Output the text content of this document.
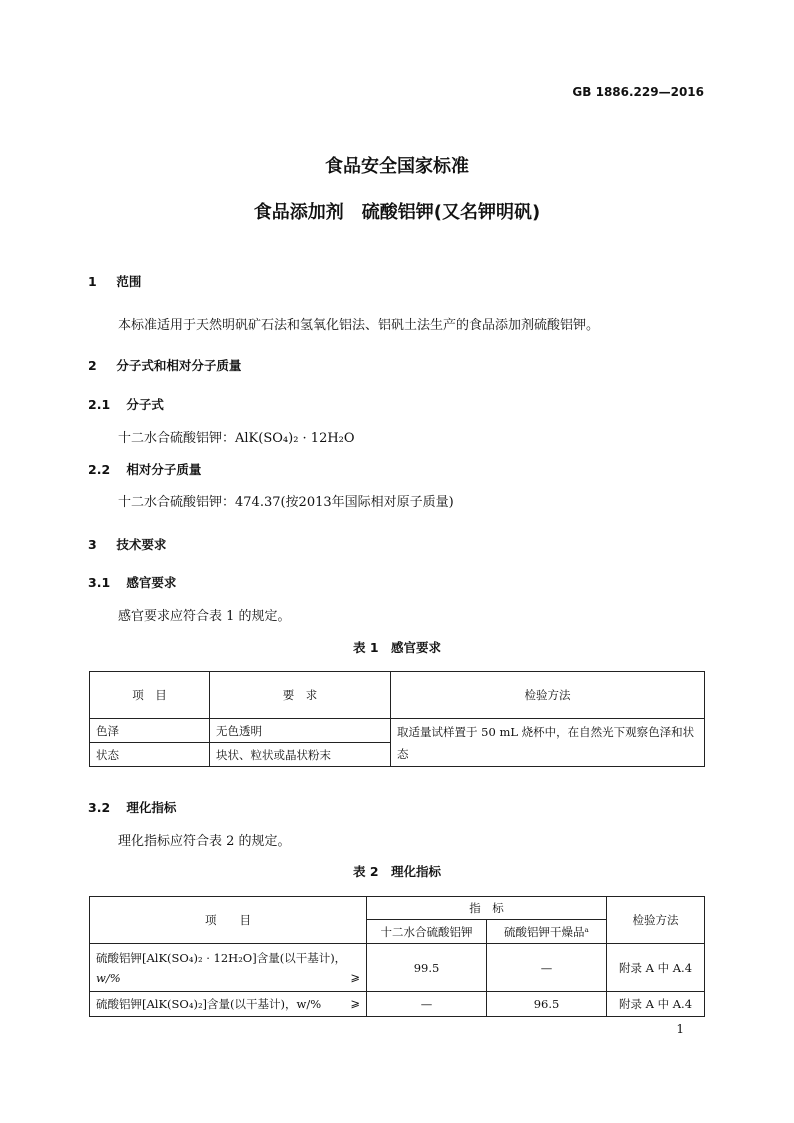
GB 1886.229—2016
食品安全国家标准
食品添加剂　硫酸铝钾(又名钾明矾)
1 范围
本标准适用于天然明矾矿石法和氢氧化铝法、铝矾土法生产的食品添加剂硫酸铝钾。
2 分子式和相对分子质量
2.1 分子式
十二水合硫酸铝钾：AlK(SO₄)₂ · 12H₂O
2.2 相对分子质量
十二水合硫酸铝钾：474.37(按2013年国际相对原子质量)
3 技术要求
3.1 感官要求
感官要求应符合表 1 的规定。
表 1　感官要求
项　目	要　求	检验方法
色泽	无色透明	取适量试样置于 50 mL 烧杯中，在自然光下观察色泽和状态
状态	块状、粒状或晶状粉末	
3.2 理化指标
理化指标应符合表 2 的规定。
表 2　理化指标
项　　目	指　标		检验方法
	十二水合硫酸铝钾	硫酸铝钾干燥品ᵃ	

硫酸铝钾[AlK(SO₄)₂ · 12H₂O]含量(以干基计)，
w/% ⩾	99.5	—	附录 A 中 A.4
硫酸铝钾[AlK(SO₄)₂]含量(以干基计)，w/% ⩾	—	96.5	附录 A 中 A.4
1
